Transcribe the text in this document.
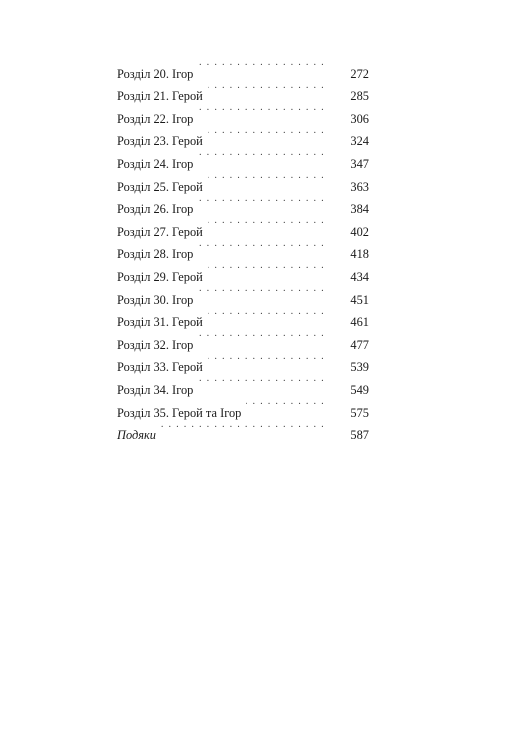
Розділ 20. Ігор · · ·	272
Розділ 21. Герой · · ·	285
Розділ 22. Ігор · · ·	306
Розділ 23. Герой · · ·	324
Розділ 24. Ігор · · ·	347
Розділ 25. Герой · · ·	363
Розділ 26. Ігор · · ·	384
Розділ 27. Герой · · ·	402
Розділ 28. Ігор · · ·	418
Розділ 29. Герой · · ·	434
Розділ 30. Ігор · · ·	451
Розділ 31. Герой · · ·	461
Розділ 32. Ігор · · ·	477
Розділ 33. Герой · · ·	539
Розділ 34. Ігор · · ·	549
Розділ 35. Герой та Ігор · · ·	575
Подяки · · ·	587
